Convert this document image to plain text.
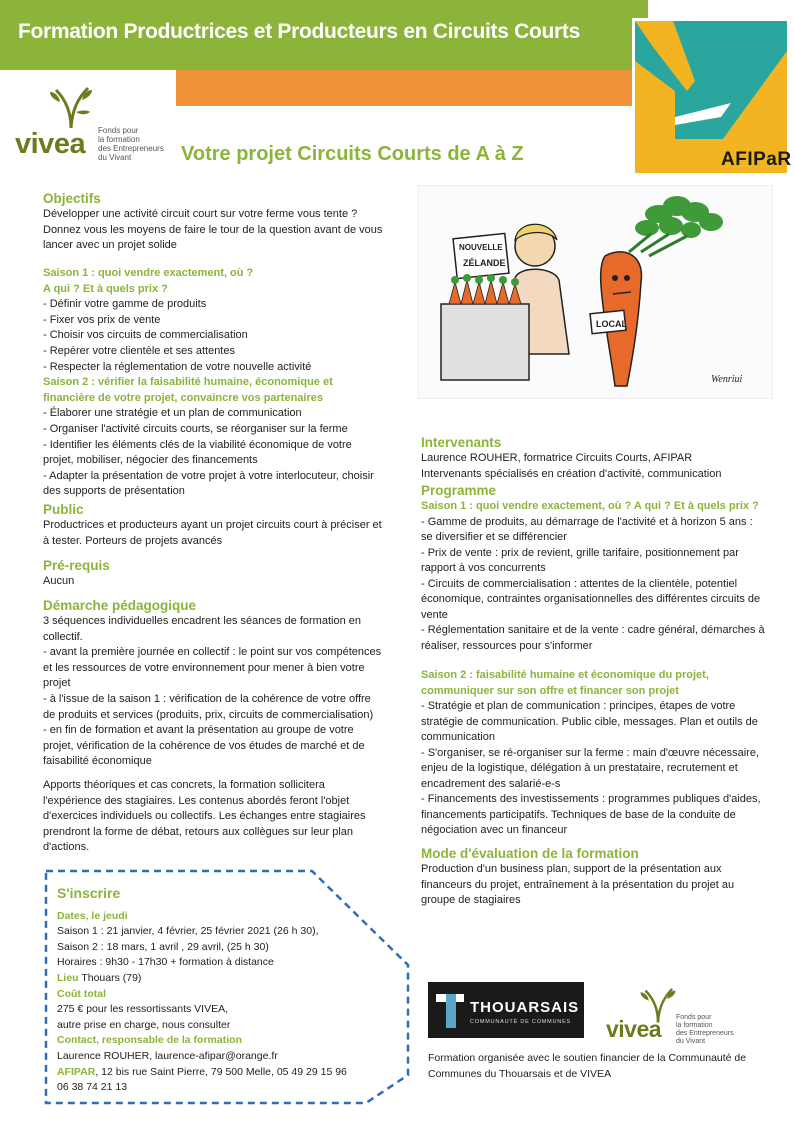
Formation Productrices et Producteurs en Circuits Courts
AFIPaR
vivea Fonds pour
la formation
des Entrepreneurs
du Vivant	Votre projet Circuits Courts de A à Z
Objectifs
Développer une activité circuit court sur votre ferme vous tente ? Donnez vous les moyens de faire le tour de la question avant de vous lancer avec un projet solide
Saison 1 : quoi vendre exactement, où ?
A qui ? Et à quels prix ?
- Définir votre gamme de produits
- Fixer vos prix de vente
- Choisir vos circuits de commercialisation
- Repérer votre clientèle et ses attentes
- Respecter la réglementation de votre nouvelle activité
Saison 2 : vérifier la faisabilité humaine, économique et financière de votre projet, convaincre vos partenaires
- Élaborer une stratégie et un plan de communication
- Organiser l'activité circuits courts, se réorganiser sur la ferme
- Identifier les éléments clés de la viabilité économique de votre projet, mobiliser, négocier des financements
- Adapter la présentation de votre projet à votre interlocuteur, choisir des supports de présentation
Public
Productrices et producteurs ayant un projet circuits court à préciser et à tester. Porteurs de projets avancés
Pré-requis
Aucun
Démarche pédagogique
3 séquences individuelles encadrent les séances de formation en collectif.
- avant la première journée en collectif : le point sur vos compétences et les ressources de votre environnement pour mener à bien votre projet
- à l'issue de la saison 1 : vérification de la cohérence de votre offre de produits et services (produits, prix, circuits de commercialisation)
- en fin de formation et avant la présentation au groupe de votre projet, vérification de la cohérence de vos études de marché et de faisabilité économique
Apports théoriques et cas concrets, la formation sollicitera l'expérience des stagiaires. Les contenus abordés feront l'objet d'exercices individuels ou collectifs. Les échanges entre stagiaires prendront la forme de débat, retours aux collègues sur leur plan d'actions.
LOCAL
NOUVELLE
ZÉLANDE
Wenriui
Intervenants
Laurence ROUHER, formatrice Circuits Courts, AFIPAR
Intervenants spécialisés en création d'activité, communication
Programme
Saison 1 : quoi vendre exactement, où ? A qui ? Et à quels prix ?
- Gamme de produits, au démarrage de l'activité et à horizon 5 ans : se diversifier et se différencier
- Prix de vente : prix de revient, grille tarifaire, positionnement par rapport à vos concurrents
- Circuits de commercialisation : attentes de la clientèle, potentiel économique, contraintes organisationnelles des différentes circuits de vente
- Réglementation sanitaire et de la vente : cadre général, démarches à réaliser, ressources pour s'informer
Saison 2 : faisabilité humaine et économique du projet, communiquer sur son offre et financer son projet
- Stratégie et plan de communication : principes, étapes de votre stratégie de communication. Public cible, messages. Plan et outils de communication
- S'organiser, se ré-organiser sur la ferme : main d'œuvre nécessaire, enjeu de la logistique, délégation à un prestataire, recrutement et encadrement des salarié-e-s
- Financements des investissements : programmes publiques d'aides, financements participatifs. Techniques de base de la conduite de négociation avec un financeur
Mode d'évaluation de la formation
Production d'un business plan, support de la présentation aux financeurs du projet, entraînement à la présentation du projet au groupe de stagiaires
S'inscrire
Dates, le jeudi
Saison 1 : 21 janvier, 4 février, 25 février 2021 (26 h 30),
Saison 2 : 18 mars, 1 avril , 29 avril, (25 h 30)
Horaires : 9h30 - 17h30 + formation à distance
Lieu Thouars (79)
Coût total
275 € pour les ressortissants VIVEA,
autre prise en charge, nous consulter
Contact, responsable de la formation
Laurence ROUHER, laurence-afipar@orange.fr
AFIPAR, 12 bis rue Saint Pierre, 79 500 Melle, 05 49 29 15 96
06 38 74 21 13
THOUARSAIS
COMMUNAUTÉ DE COMMUNES vivea Fonds pour
la formation
des Entrepreneurs
du Vivant
Formation organisée avec le soutien financier de la Communauté de Communes du Thouarsais et de VIVEA
